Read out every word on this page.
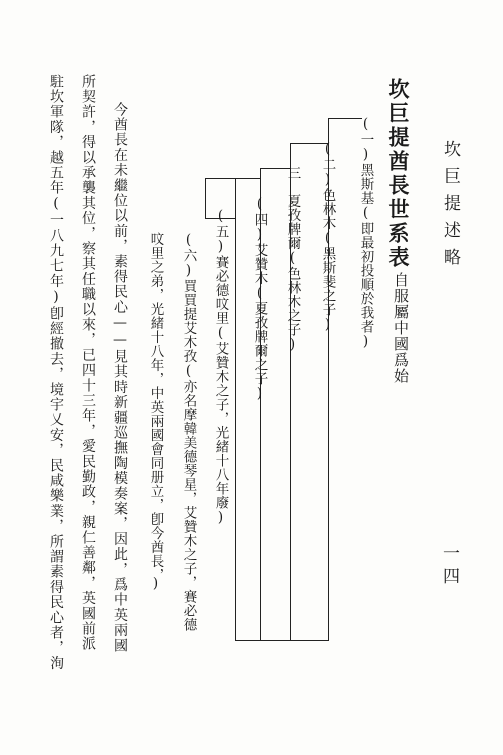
坎巨提述略
一四
坎巨提酋長世系表
自服屬中國爲始
(一)黑斯基(即最初投順於我者)
(二)色林木(黑斯斐之子)
三　夏孜牌爾(色林木之子)
(四)艾贊木(夏孜牌爾之子)
(五)賽必德呅里(艾贊木之子，光緒十八年廢)
(六)買買提艾木孜(亦名摩韓美德琴星，艾贊木之子，賽必德
呅里之弟，光緒十八年，中英兩國會同册立，卽今酋長，)
今酋長在未繼位以前，素得民心——見其時新疆巡撫陶模奏案，因此，爲中英兩國
所契許，得以承襲其位，察其任職以來，已四十三年，愛民勤政，親仁善鄰，英國前派
駐坎軍隊，越五年(一八九七年)卽經撤去，境宇乂安，民咸樂業，所謂素得民心者，洵
